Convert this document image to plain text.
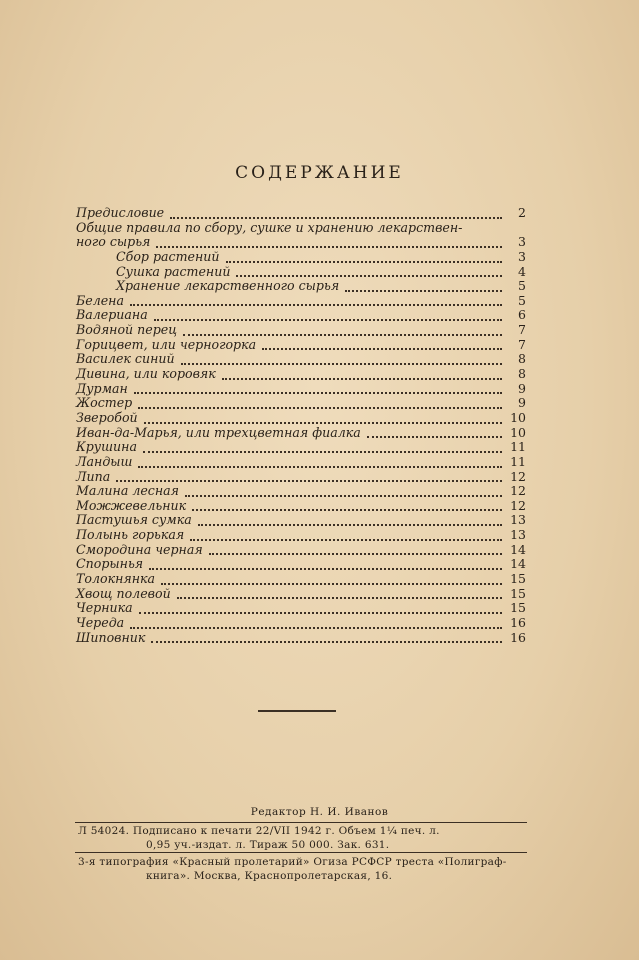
СОДЕРЖАНИЕ
Предисловие	2
Общие правила по сбору, сушке и хранению лекарствен-
ного сырья	3
Сбор растений	3
Сушка растений	4
Хранение лекарственного сырья	5
Белена	5
Валериана	6
Водяной перец	7
Горицвет, или черногорка	7
Василек синий	8
Дивина, или коровяк	8
Дурман	9
Жостер	9
Зверобой	10
Иван-да-Марья, или трехцветная фиалка	10
Крушина	11
Ландыш	11
Липа	12
Малина лесная	12
Можжевельник	12
Пастушья сумка	13
Полынь горькая	13
Смородина черная	14
Спорынья	14
Толокнянка	15
Хвощ полевой	15
Черника	15
Череда	16
Шиповник	16
Редактор Н. И. Иванов
Л 54024. Подписано к печати 22/VII 1942 г. Объем 1¼ печ. л.
0,95 уч.-издат. л. Тираж 50 000. Зак. 631.
3-я типография «Красный пролетарий» Огиза РСФСР треста «Полиграф-
книга». Москва, Краснопролетарская, 16.
